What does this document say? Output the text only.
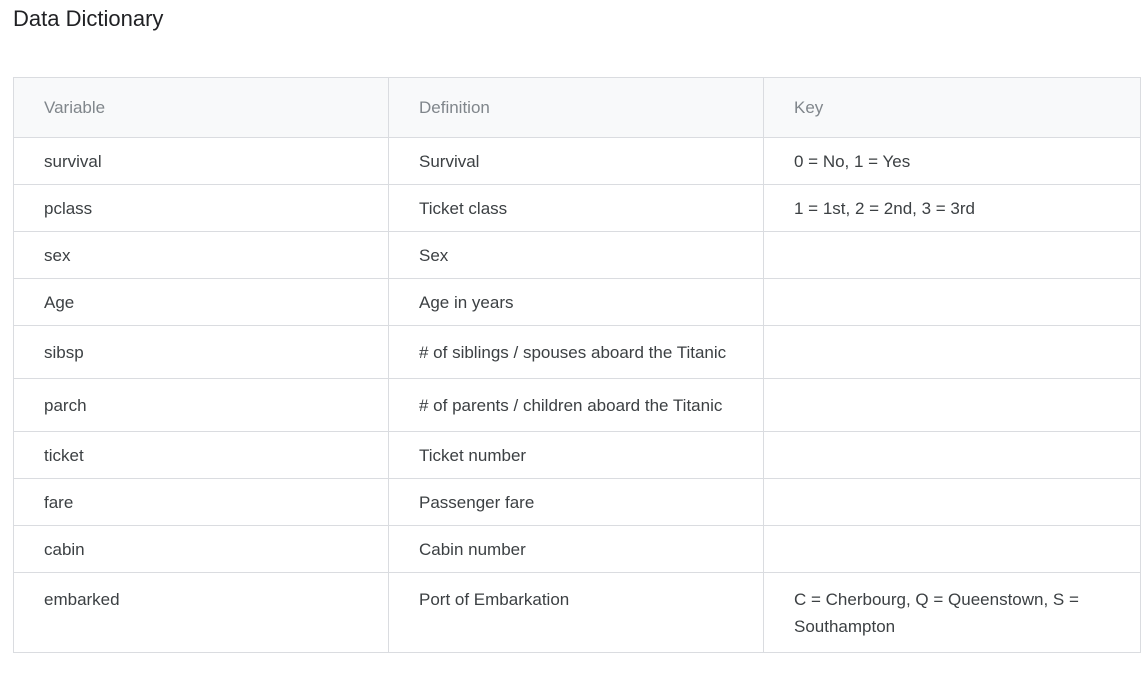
Data Dictionary
Variable	Definition	Key
survival	Survival	0 = No, 1 = Yes
pclass	Ticket class	1 = 1st, 2 = 2nd, 3 = 3rd
sex	Sex	
Age	Age in years	
sibsp	# of siblings / spouses aboard the Titanic	
parch	# of parents / children aboard the Titanic	
ticket	Ticket number	
fare	Passenger fare	
cabin	Cabin number	
embarked	Port of Embarkation	C = Cherbourg, Q = Queenstown, S = Southampton
